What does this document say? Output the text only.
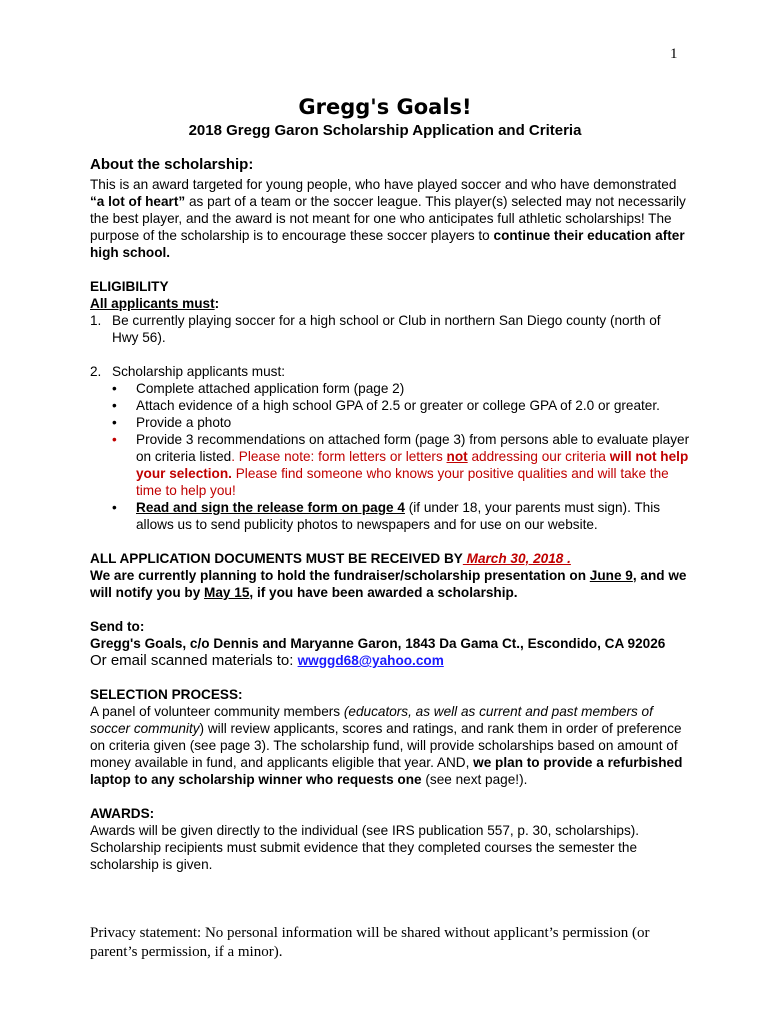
1
Gregg's Goals!
2018 Gregg Garon Scholarship Application and Criteria
About the scholarship:

This is an award targeted for young people, who have played soccer and who have demonstrated “a lot of heart” as part of a team or the soccer league. This player(s) selected may not necessarily the best player, and the award is not meant for one who anticipates full athletic scholarships! The purpose of the scholarship is to encourage these soccer players to continue their education after high school.

ELIGIBILITY
All applicants must:
1. Be currently playing soccer for a high school or Club in northern San Diego county (north of Hwy 56).
2. Scholarship applicants must:
•	Complete attached application form (page 2)
•	Attach evidence of a high school GPA of 2.5 or greater or college GPA of 2.0 or greater.
•	Provide a photo
•	Provide 3 recommendations on attached form (page 3) from persons able to evaluate player on criteria listed. Please note: form letters or letters not addressing our criteria will not help your selection. Please find someone who knows your positive qualities and will take the time to help you!
•	Read and sign the release form on page 4 (if under 18, your parents must sign). This allows us to send publicity photos to newspapers and for use on our website.
ALL APPLICATION DOCUMENTS MUST BE RECEIVED BY March 30, 2018 .
We are currently planning to hold the fundraiser/scholarship presentation on June 9, and we will notify you by May 15, if you have been awarded a scholarship.
Send to:
Gregg's Goals, c/o Dennis and Maryanne Garon, 1843 Da Gama Ct., Escondido, CA 92026
Or email scanned materials to: wwggd68@yahoo.com
SELECTION PROCESS:

A panel of volunteer community members (educators, as well as current and past members of soccer community) will review applicants, scores and ratings, and rank them in order of preference on criteria given (see page 3). The scholarship fund, will provide scholarships based on amount of money available in fund, and applicants eligible that year. AND, we plan to provide a refurbished laptop to any scholarship winner who requests one (see next page!).

AWARDS:

Awards will be given directly to the individual (see IRS publication 557, p. 30, scholarships). Scholarship recipients must submit evidence that they completed courses the semester the scholarship is given.

Privacy statement: No personal information will be shared without applicant’s permission (or parent’s permission, if a minor).
